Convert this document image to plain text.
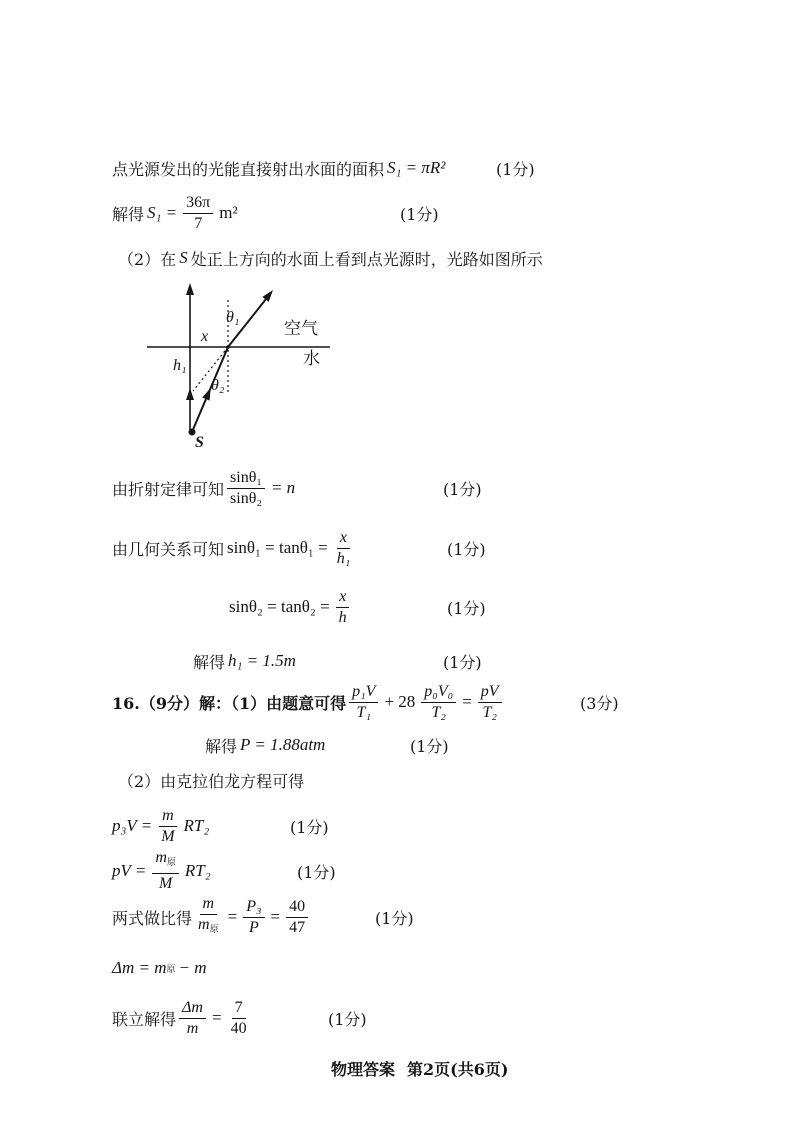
点光源发出的光能直接射出水面的面积 S₁ = πR²	(1分)
解得 $S_1 = \frac{36\pi}{7} m^2$	(1分)
（2）在 S 处正上方向的水面上看到点光源时，光路如图所示
x
h₁
θ₁
θ₂
空气
水
S
由折射定律可知 $\frac{\text{sinθ₁}}{\text{sinθ₂}} = n$	(1分)
由几何关系可知 $\sin\theta_1 = \tan\theta_1 = \frac{x}{\text{h₁}}$	(1分)
$\sin\theta_2 = \tan\theta_2 = \frac{x}{h}$	(1分)
解得 h₁ = 1.5m	(1分)
16.（9分）解：（1）由题意可得 $\frac{\text{p₁V}}{\text{T₁}} + 28 \frac{\text{p₀V₀}}{\text{T₂}} = \frac{pV}{\text{T₂}}$	(3分)
解得 P = 1.88atm	(1分)
（2）由克拉伯龙方程可得
$p_3V = \frac{m}{M} RT_2$	(1分)
pV = $\frac{m_原}{M} RT_2$	(1分)
两式做比得 $\frac{m}{m_原} = \frac{\text{P₃}}{P} = \frac{40}{47}$	(1分)
Δm = m 原 − m
联立解得 $\frac{\Delta m}{m} = \frac{7}{40}$	(1分)
物理答案 第2页(共6页)
